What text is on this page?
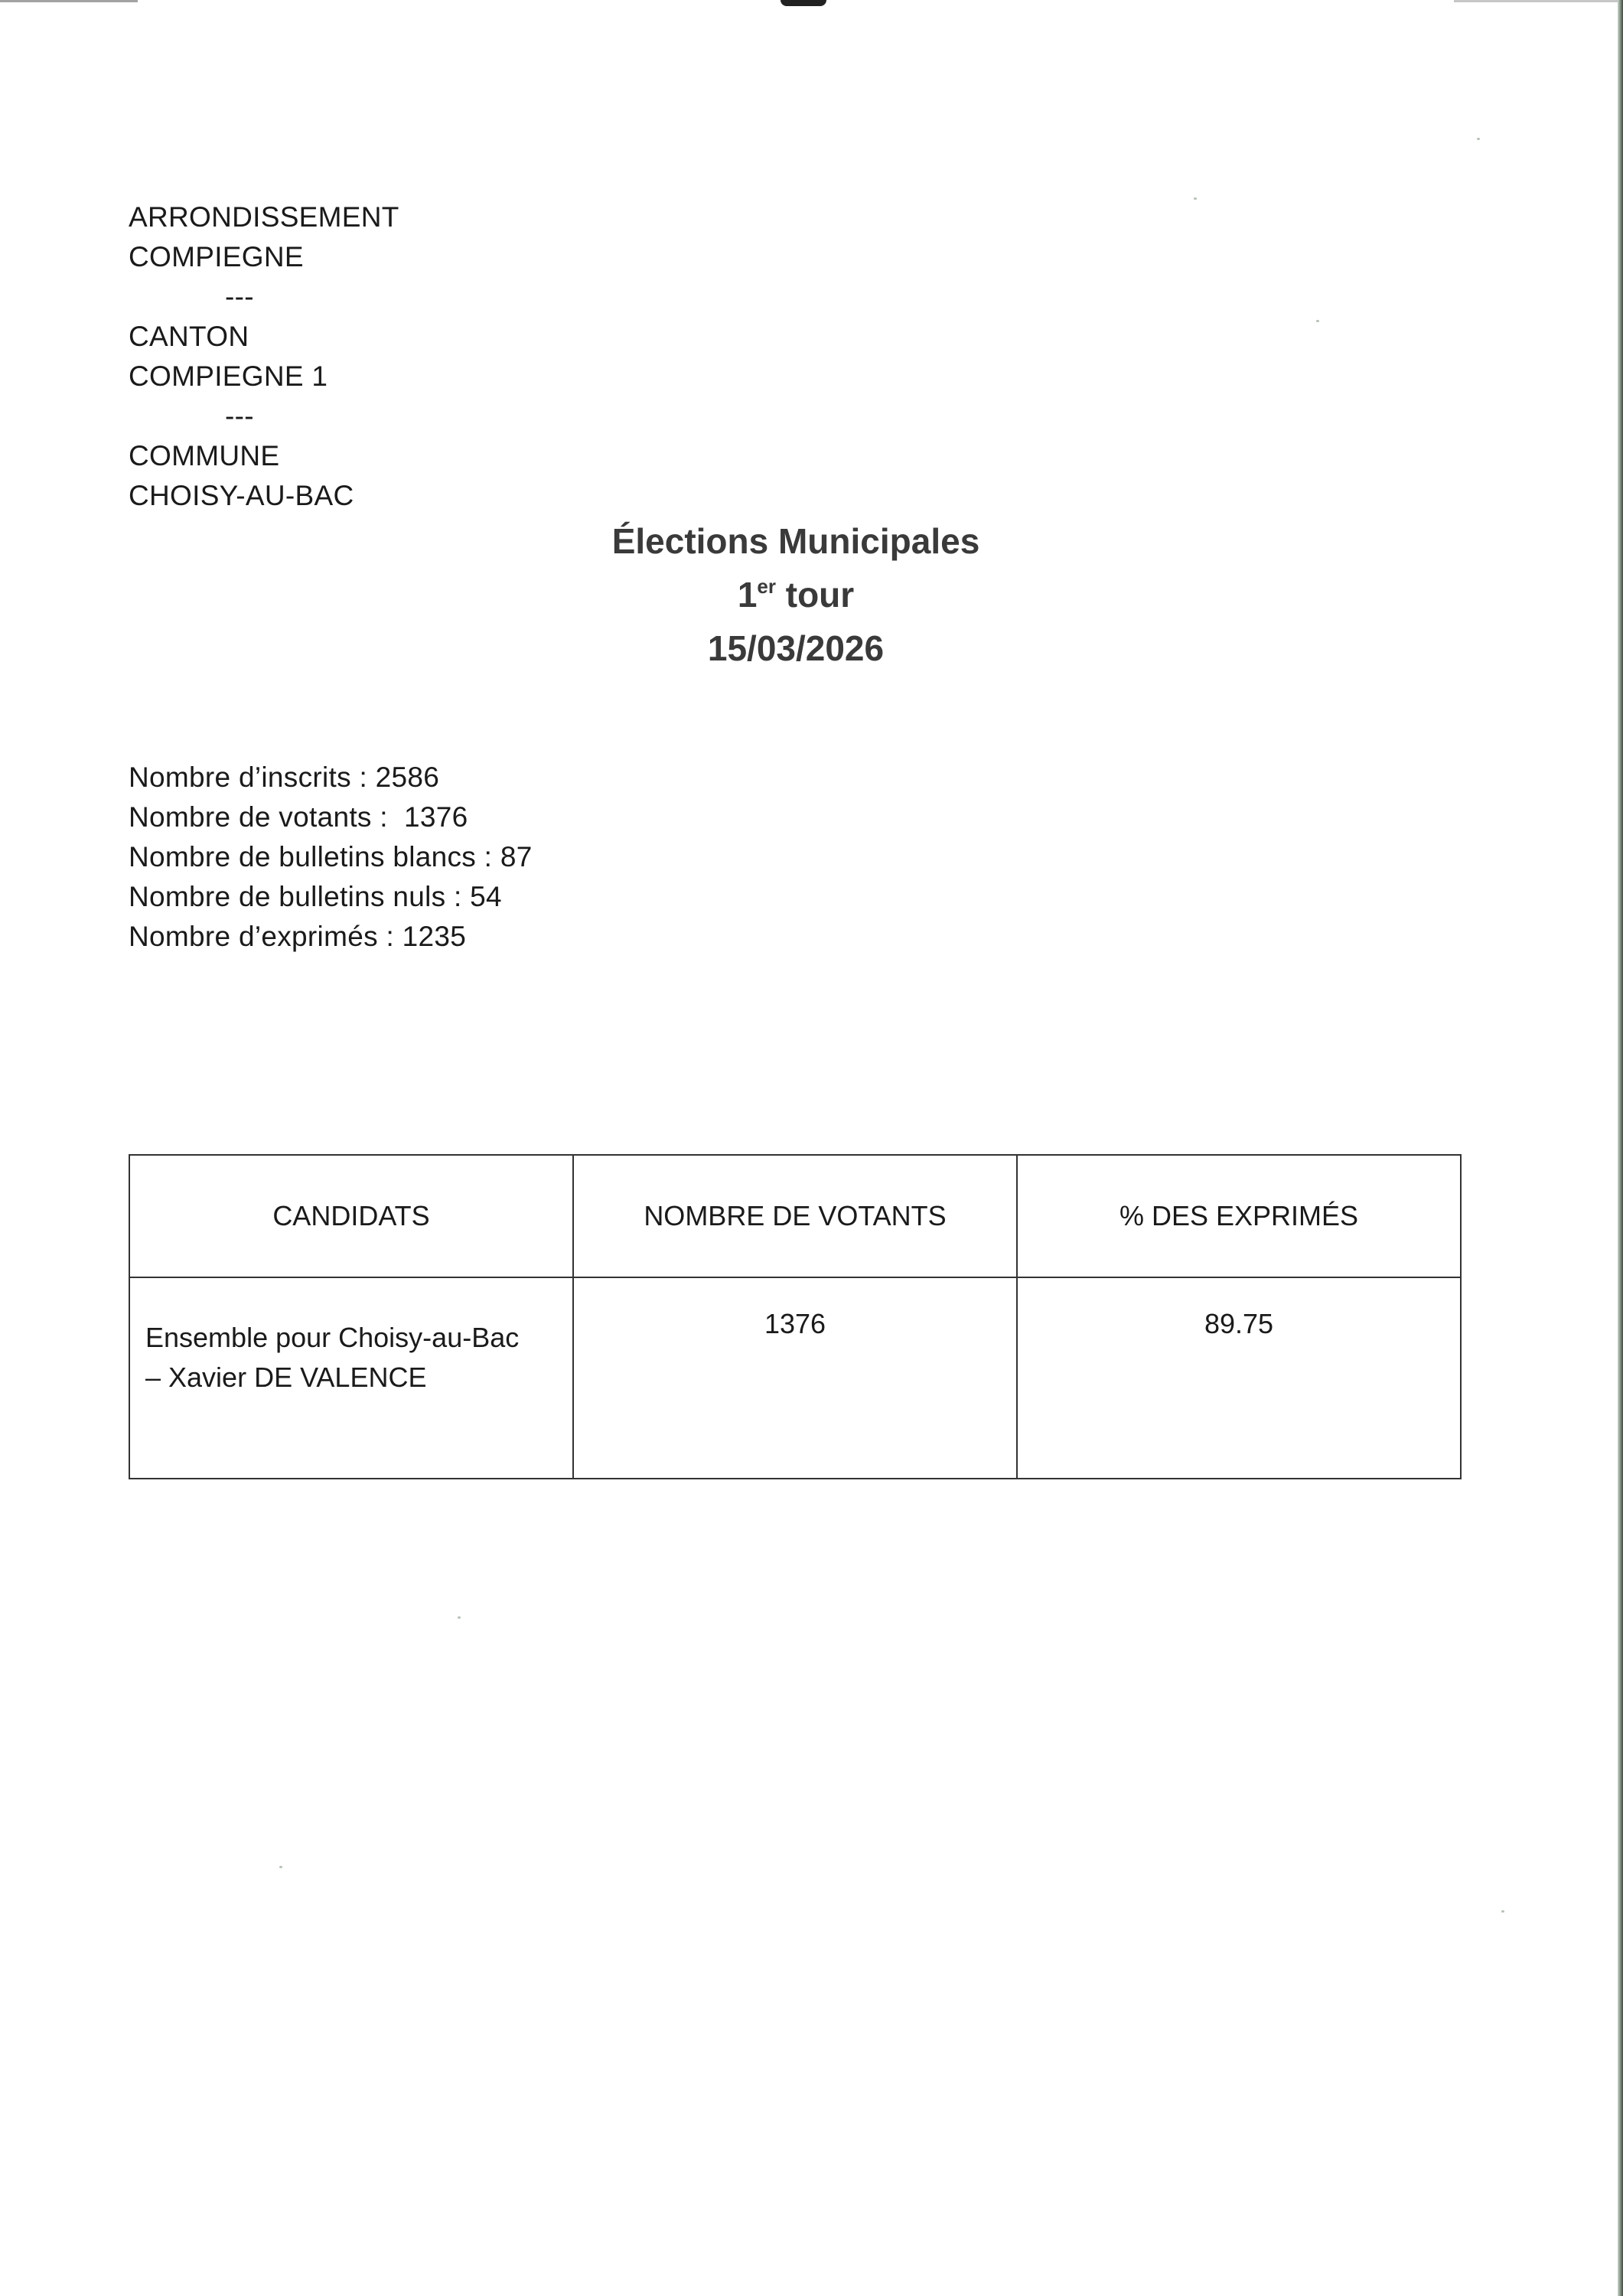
ARRONDISSEMENT
COMPIEGNE
---
CANTON
COMPIEGNE 1
---
COMMUNE
CHOISY-AU-BAC
Élections Municipales
1er tour
15/03/2026
Nombre d’inscrits : 2586
Nombre de votants :  1376
Nombre de bulletins blancs : 87
Nombre de bulletins nuls : 54
Nombre d’exprimés : 1235
CANDIDATS	NOMBRE DE VOTANTS	% DES EXPRIMÉS
Ensemble pour Choisy-au-Bac
– Xavier DE VALENCE	1376	89.75
